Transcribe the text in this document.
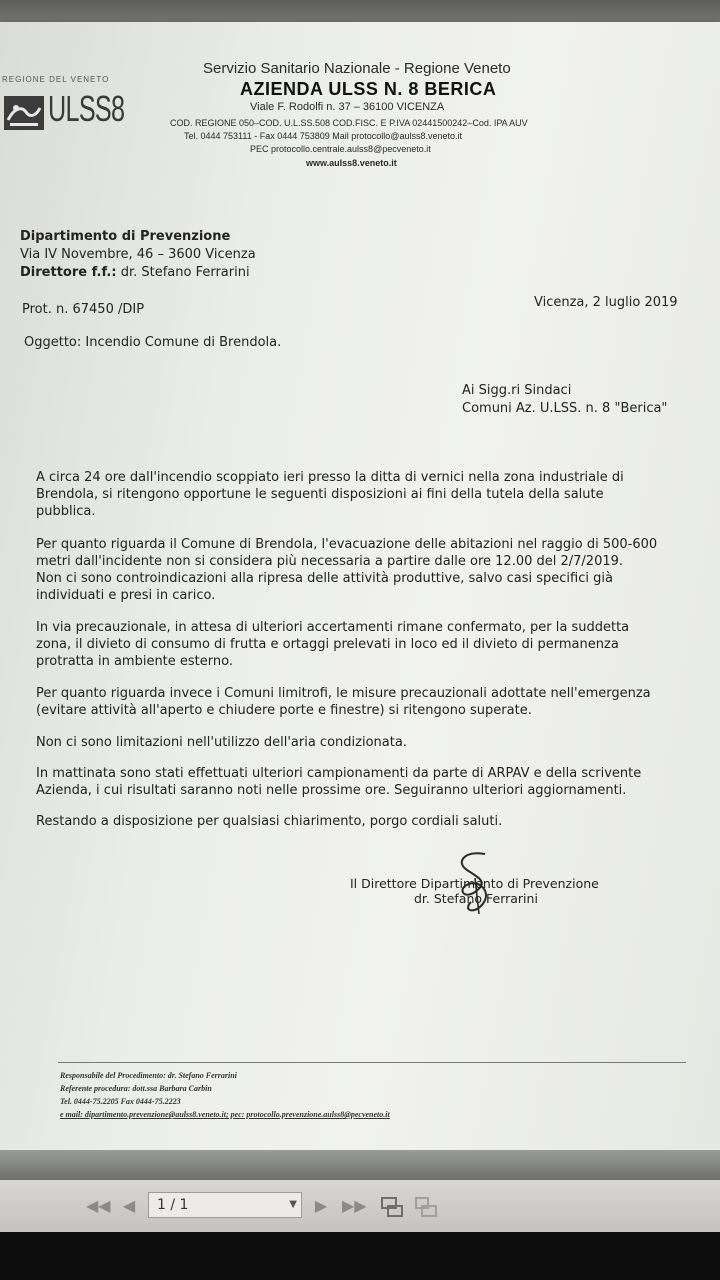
REGIONE DEL VENETO
ULSS8
Servizio Sanitario Nazionale - Regione Veneto
AZIENDA ULSS N. 8 BERICA
Viale F. Rodolfi n. 37 – 36100 VICENZA
COD. REGIONE 050–COD. U.L.SS.508 COD.FISC. E P.IVA 02441500242–Cod. IPA AUV
Tel. 0444 753111 - Fax 0444 753809 Mail protocollo@aulss8.veneto.it
PEC protocollo.centrale.aulss8@pecveneto.it
www.aulss8.veneto.it
Dipartimento di Prevenzione
Via IV Novembre, 46 – 3600 Vicenza
Direttore f.f.: dr. Stefano Ferrarini
Prot. n. 67450 /DIP	Vicenza, 2 luglio 2019
Oggetto: Incendio Comune di Brendola.
Ai Sigg.ri Sindaci
Comuni Az. U.LSS. n. 8 "Berica"
A circa 24 ore dall'incendio scoppiato ieri presso la ditta di vernici nella zona industriale di
Brendola, si ritengono opportune le seguenti disposizioni ai fini della tutela della salute
pubblica.
Per quanto riguarda il Comune di Brendola, l'evacuazione delle abitazioni nel raggio di 500-600
metri dall'incidente non si considera più necessaria a partire dalle ore 12.00 del 2/7/2019.
Non ci sono controindicazioni alla ripresa delle attività produttive, salvo casi specifici già
individuati e presi in carico.
In via precauzionale, in attesa di ulteriori accertamenti rimane confermato, per la suddetta
zona, il divieto di consumo di frutta e ortaggi prelevati in loco ed il divieto di permanenza
protratta in ambiente esterno.
Per quanto riguarda invece i Comuni limitrofi, le misure precauzionali adottate nell'emergenza
(evitare attività all'aperto e chiudere porte e finestre) si ritengono superate.
Non ci sono limitazioni nell'utilizzo dell'aria condizionata.
In mattinata sono stati effettuati ulteriori campionamenti da parte di ARPAV e della scrivente
Azienda, i cui risultati saranno noti nelle prossime ore. Seguiranno ulteriori aggiornamenti.
Restando a disposizione per qualsiasi chiarimento, porgo cordiali saluti.
Il Direttore Dipartimento di Prevenzione
dr. Stefano Ferrarini
Responsabile del Procedimento: dr. Stefano Ferrarini
Referente procedura: dott.ssa Barbara Carbin
Tel. 0444-75.2205 Fax 0444-75.2223
e mail: dipartimento.prevenzione@aulss8.veneto.it; pec: protocollo.prevenzione.aulss8@pecveneto.it
◀◀ ◀	1 / 1	▼	▶ ▶▶
